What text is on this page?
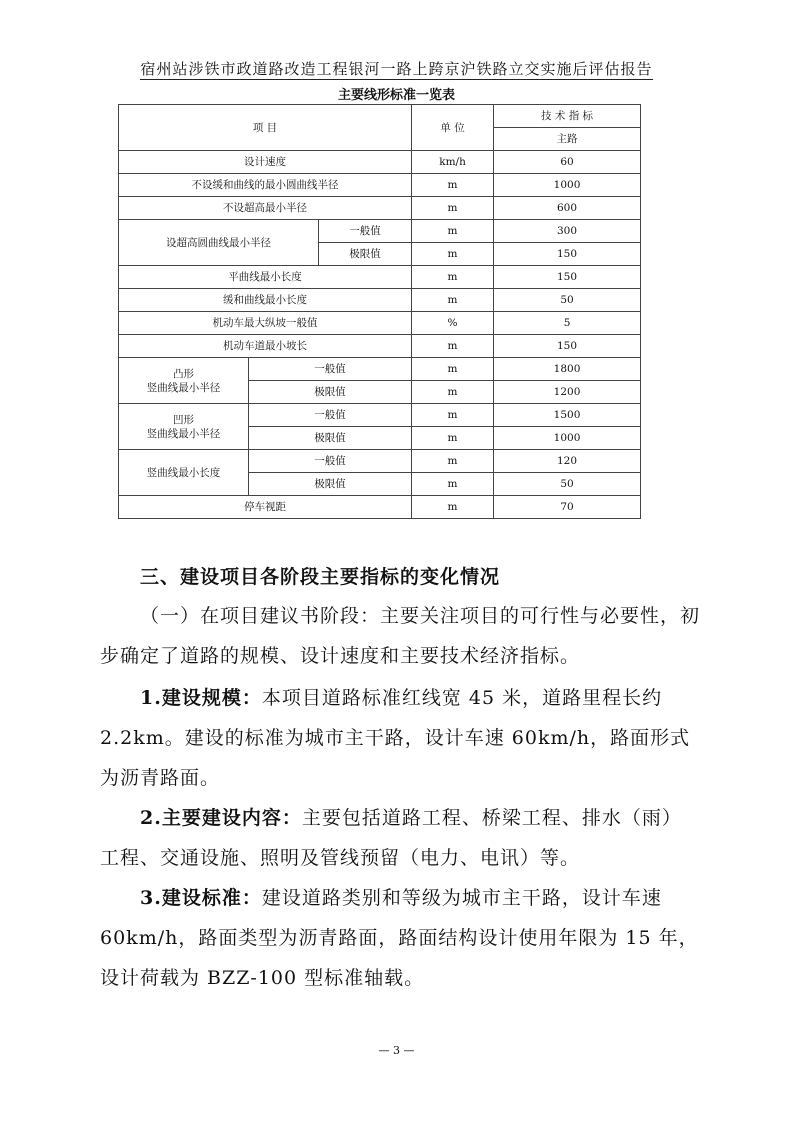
宿州站涉铁市政道路改造工程银河一路上跨京沪铁路立交实施后评估报告
主要线形标准一览表
项 目			单 位	技 术 指 标
				主路
设计速度			km/h	60
不设缓和曲线的最小圆曲线半径			m	1000
不设超高最小半径			m	600
设超高圆曲线最小半径		一般值	m	300
		极限值	m	150
平曲线最小长度			m	150
缓和曲线最小长度			m	50
机动车最大纵坡一般值			%	5
机动车道最小坡长			m	150
凸形
竖曲线最小半径	一般值		m	1800
	极限值		m	1200
凹形
竖曲线最小半径	一般值		m	1500
	极限值		m	1000
竖曲线最小长度	一般值		m	120
	极限值		m	50
停车视距			m	70
三、建设项目各阶段主要指标的变化情况

（一）在项目建议书阶段：主要关注项目的可行性与必要性，初步确定了道路的规模、设计速度和主要技术经济指标。

1.建设规模：本项目道路标准红线宽 45 米，道路里程长约 2.2km。建设的标准为城市主干路，设计车速 60km/h，路面形式为沥青路面。

2.主要建设内容：主要包括道路工程、桥梁工程、排水（雨）工程、交通设施、照明及管线预留（电力、电讯）等。

3.建设标准：建设道路类别和等级为城市主干路，设计车速 60km/h，路面类型为沥青路面，路面结构设计使用年限为 15 年，设计荷载为 BZZ-100 型标准轴载。

— 3 —
